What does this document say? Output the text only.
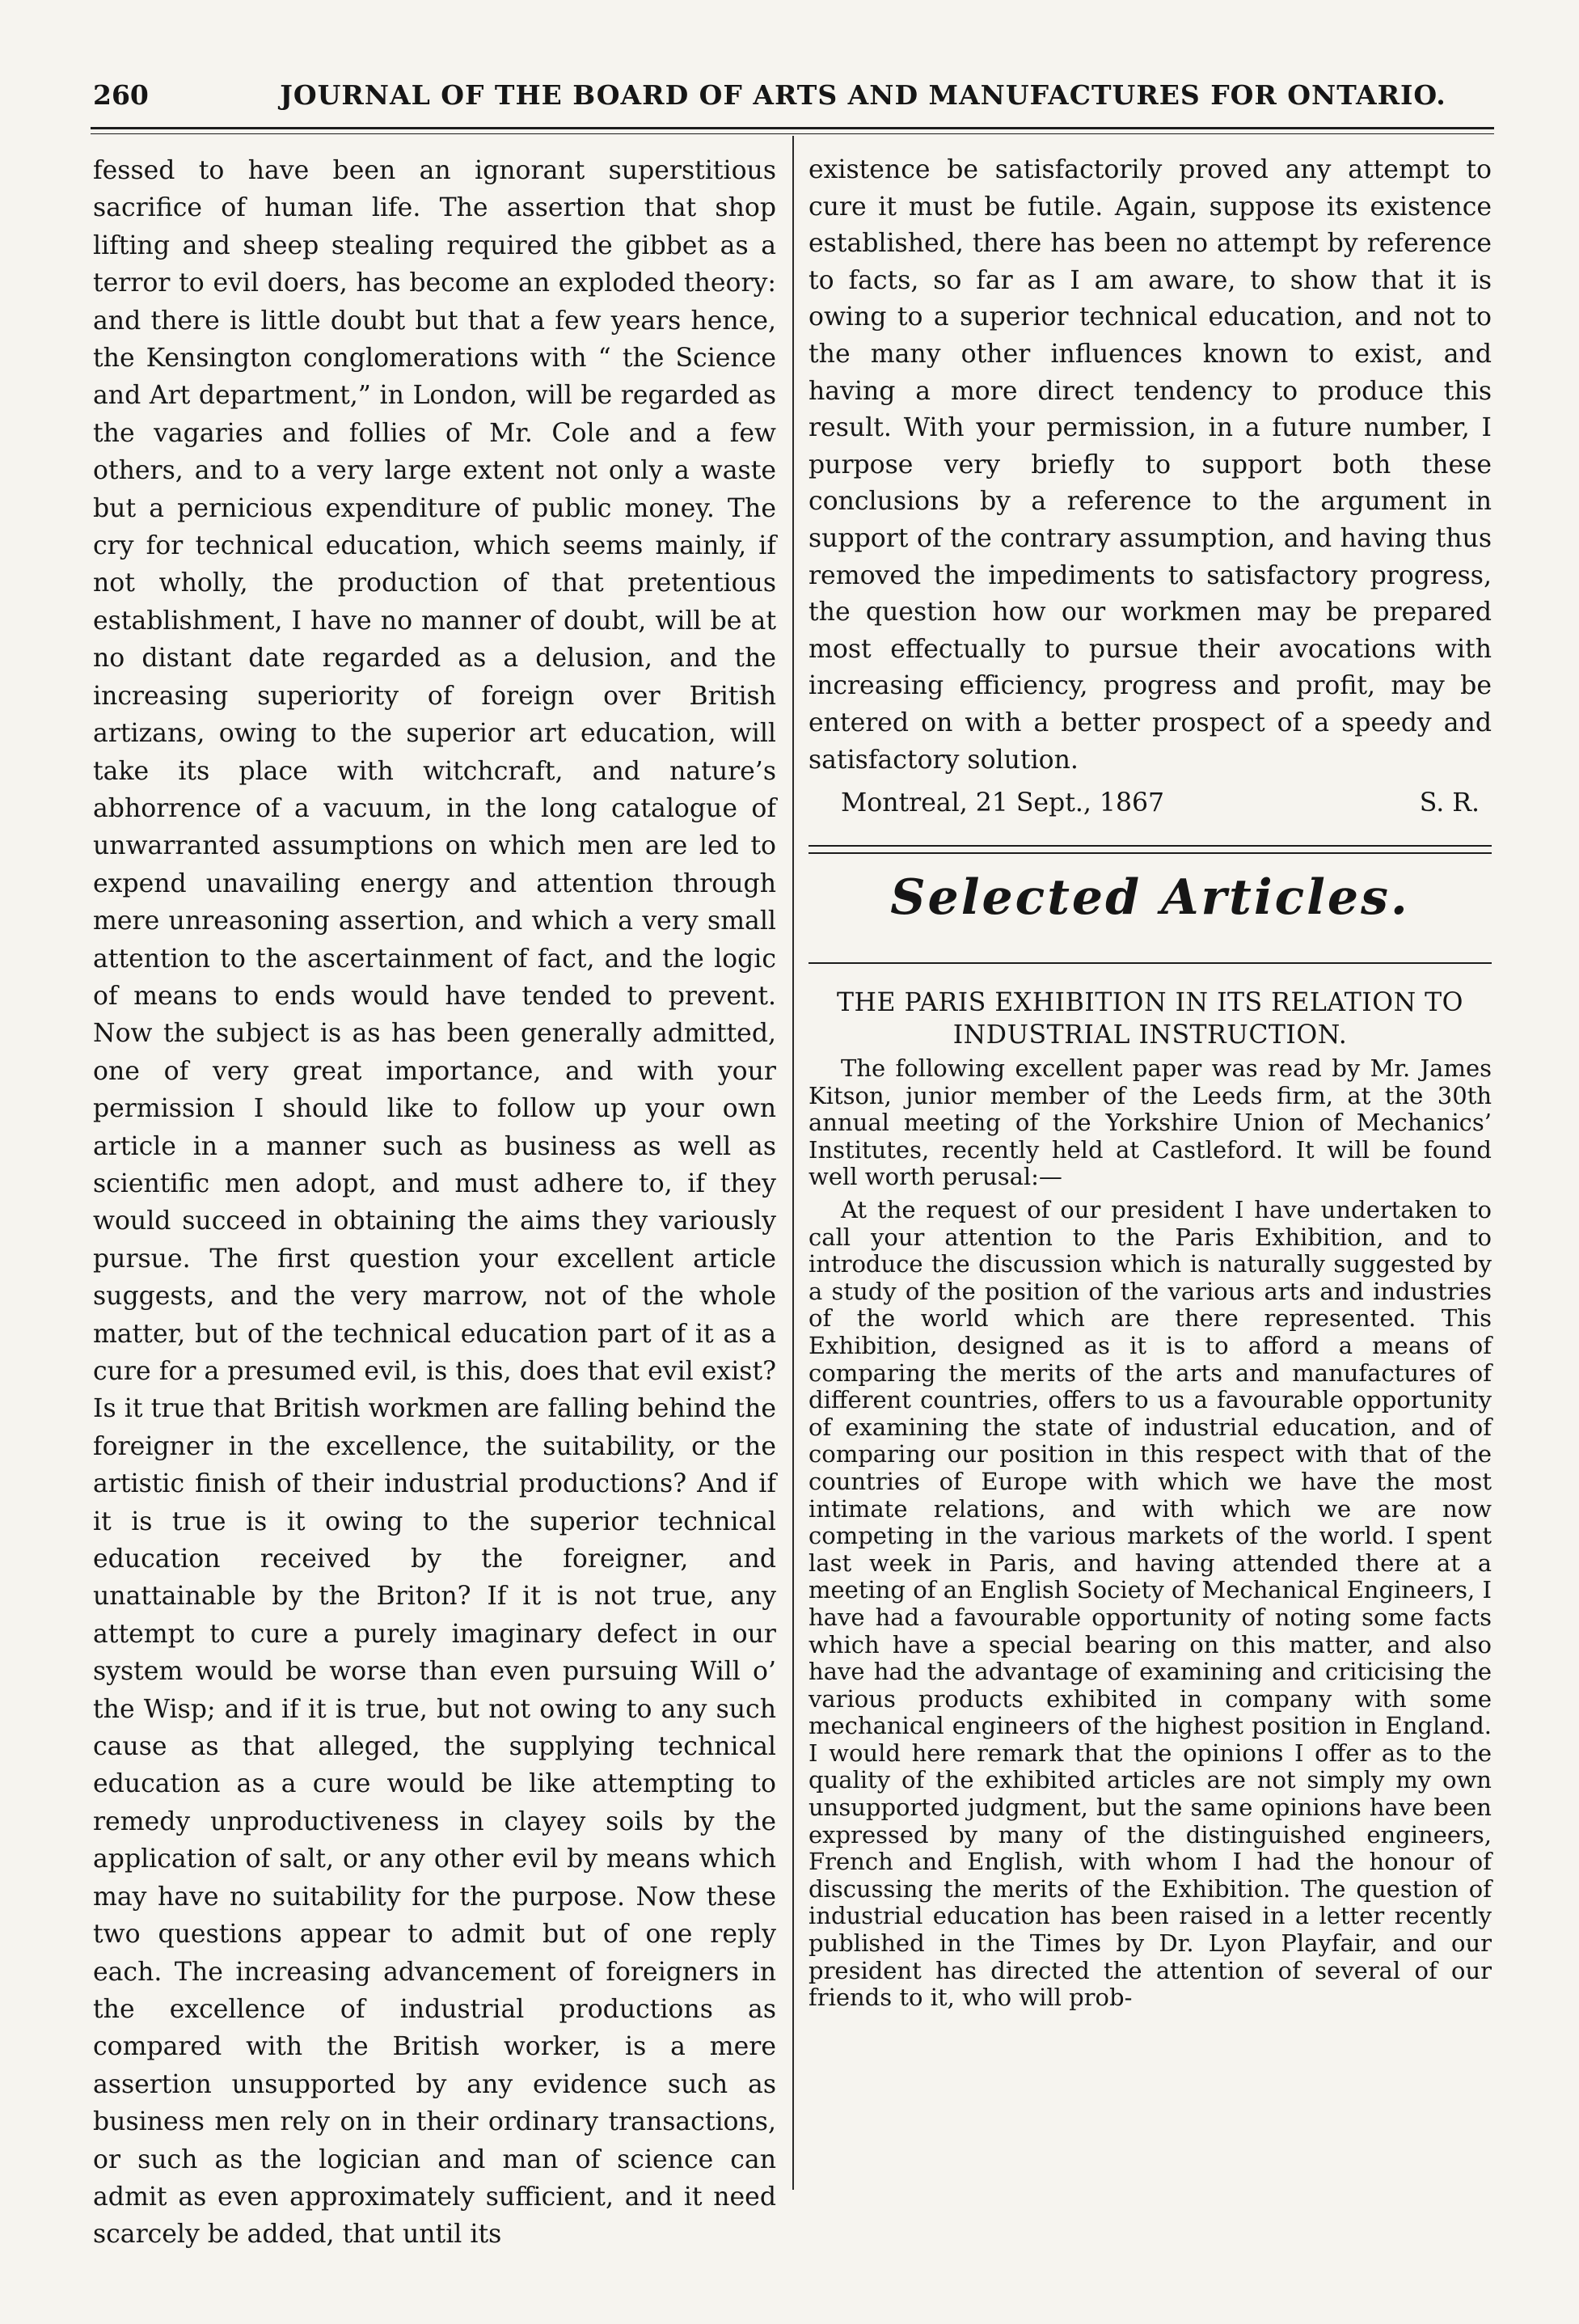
260	JOURNAL OF THE BOARD OF ARTS AND MANUFACTURES FOR ONTARIO.

fessed to have been an ignorant superstitious sacrifice of human life. The assertion that shop lifting and sheep stealing required the gibbet as a terror to evil doers, has become an exploded theory: and there is little doubt but that a few years hence, the Kensington conglomerations with “ the Science and Art department,” in London, will be regarded as the vagaries and follies of Mr. Cole and a few others, and to a very large extent not only a waste but a pernicious expenditure of public money. The cry for technical education, which seems mainly, if not wholly, the production of that pretentious establishment, I have no manner of doubt, will be at no distant date regarded as a delusion, and the increasing superiority of foreign over British artizans, owing to the superior art education, will take its place with witchcraft, and nature’s abhorrence of a vacuum, in the long catalogue of unwarranted assumptions on which men are led to expend unavailing energy and attention through mere unreasoning assertion, and which a very small attention to the ascertainment of fact, and the logic of means to ends would have tended to prevent. Now the subject is as has been generally admitted, one of very great importance, and with your permission I should like to follow up your own article in a manner such as business as well as scientific men adopt, and must adhere to, if they would succeed in obtaining the aims they variously pursue. The first question your excellent article suggests, and the very marrow, not of the whole matter, but of the technical education part of it as a cure for a presumed evil, is this, does that evil exist? Is it true that British workmen are falling behind the foreigner in the excellence, the suitability, or the artistic finish of their industrial productions? And if it is true is it owing to the superior technical education received by the foreigner, and unattainable by the Briton? If it is not true, any attempt to cure a purely imaginary defect in our system would be worse than even pursuing Will o’ the Wisp; and if it is true, but not owing to any such cause as that alleged, the supplying technical education as a cure would be like attempting to remedy unproductiveness in clayey soils by the application of salt, or any other evil by means which may have no suitability for the purpose. Now these two questions appear to admit but of one reply each. The increasing advancement of foreigners in the excellence of industrial productions as compared with the British worker, is a mere assertion unsupported by any evidence such as business men rely on in their ordinary transactions, or such as the logician and man of science can admit as even approximately sufficient, and it need scarcely be added, that until its

existence be satisfactorily proved any attempt to cure it must be futile. Again, suppose its existence established, there has been no attempt by reference to facts, so far as I am aware, to show that it is owing to a superior technical education, and not to the many other influences known to exist, and having a more direct tendency to produce this result. With your permission, in a future number, I purpose very briefly to support both these conclusions by a reference to the argument in support of the contrary assumption, and having thus removed the impediments to satisfactory progress, the question how our workmen may be prepared most effectually to pursue their avocations with increasing efficiency, progress and profit, may be entered on with a better prospect of a speedy and satisfactory solution.

Montreal, 21 Sept., 1867	S. R.
Selected Articles.
THE PARIS EXHIBITION IN ITS RELATION TO INDUSTRIAL INSTRUCTION.

The following excellent paper was read by Mr. James Kitson, junior member of the Leeds firm, at the 30th annual meeting of the Yorkshire Union of Mechanics’ Institutes, recently held at Castleford. It will be found well worth perusal:—

At the request of our president I have undertaken to call your attention to the Paris Exhibition, and to introduce the discussion which is naturally suggested by a study of the position of the various arts and industries of the world which are there represented. This Exhibition, designed as it is to afford a means of comparing the merits of the arts and manufactures of different countries, offers to us a favourable opportunity of examining the state of industrial education, and of comparing our position in this respect with that of the countries of Europe with which we have the most intimate relations, and with which we are now competing in the various markets of the world. I spent last week in Paris, and having attended there at a meeting of an English Society of Mechanical Engineers, I have had a favourable opportunity of noting some facts which have a special bearing on this matter, and also have had the advantage of examining and criticising the various products exhibited in company with some mechanical engineers of the highest position in England. I would here remark that the opinions I offer as to the quality of the exhibited articles are not simply my own unsupported judgment, but the same opinions have been expressed by many of the distinguished engineers, French and English, with whom I had the honour of discussing the merits of the Exhibition. The question of industrial education has been raised in a letter recently published in the Times by Dr. Lyon Playfair, and our president has directed the attention of several of our friends to it, who will prob-
